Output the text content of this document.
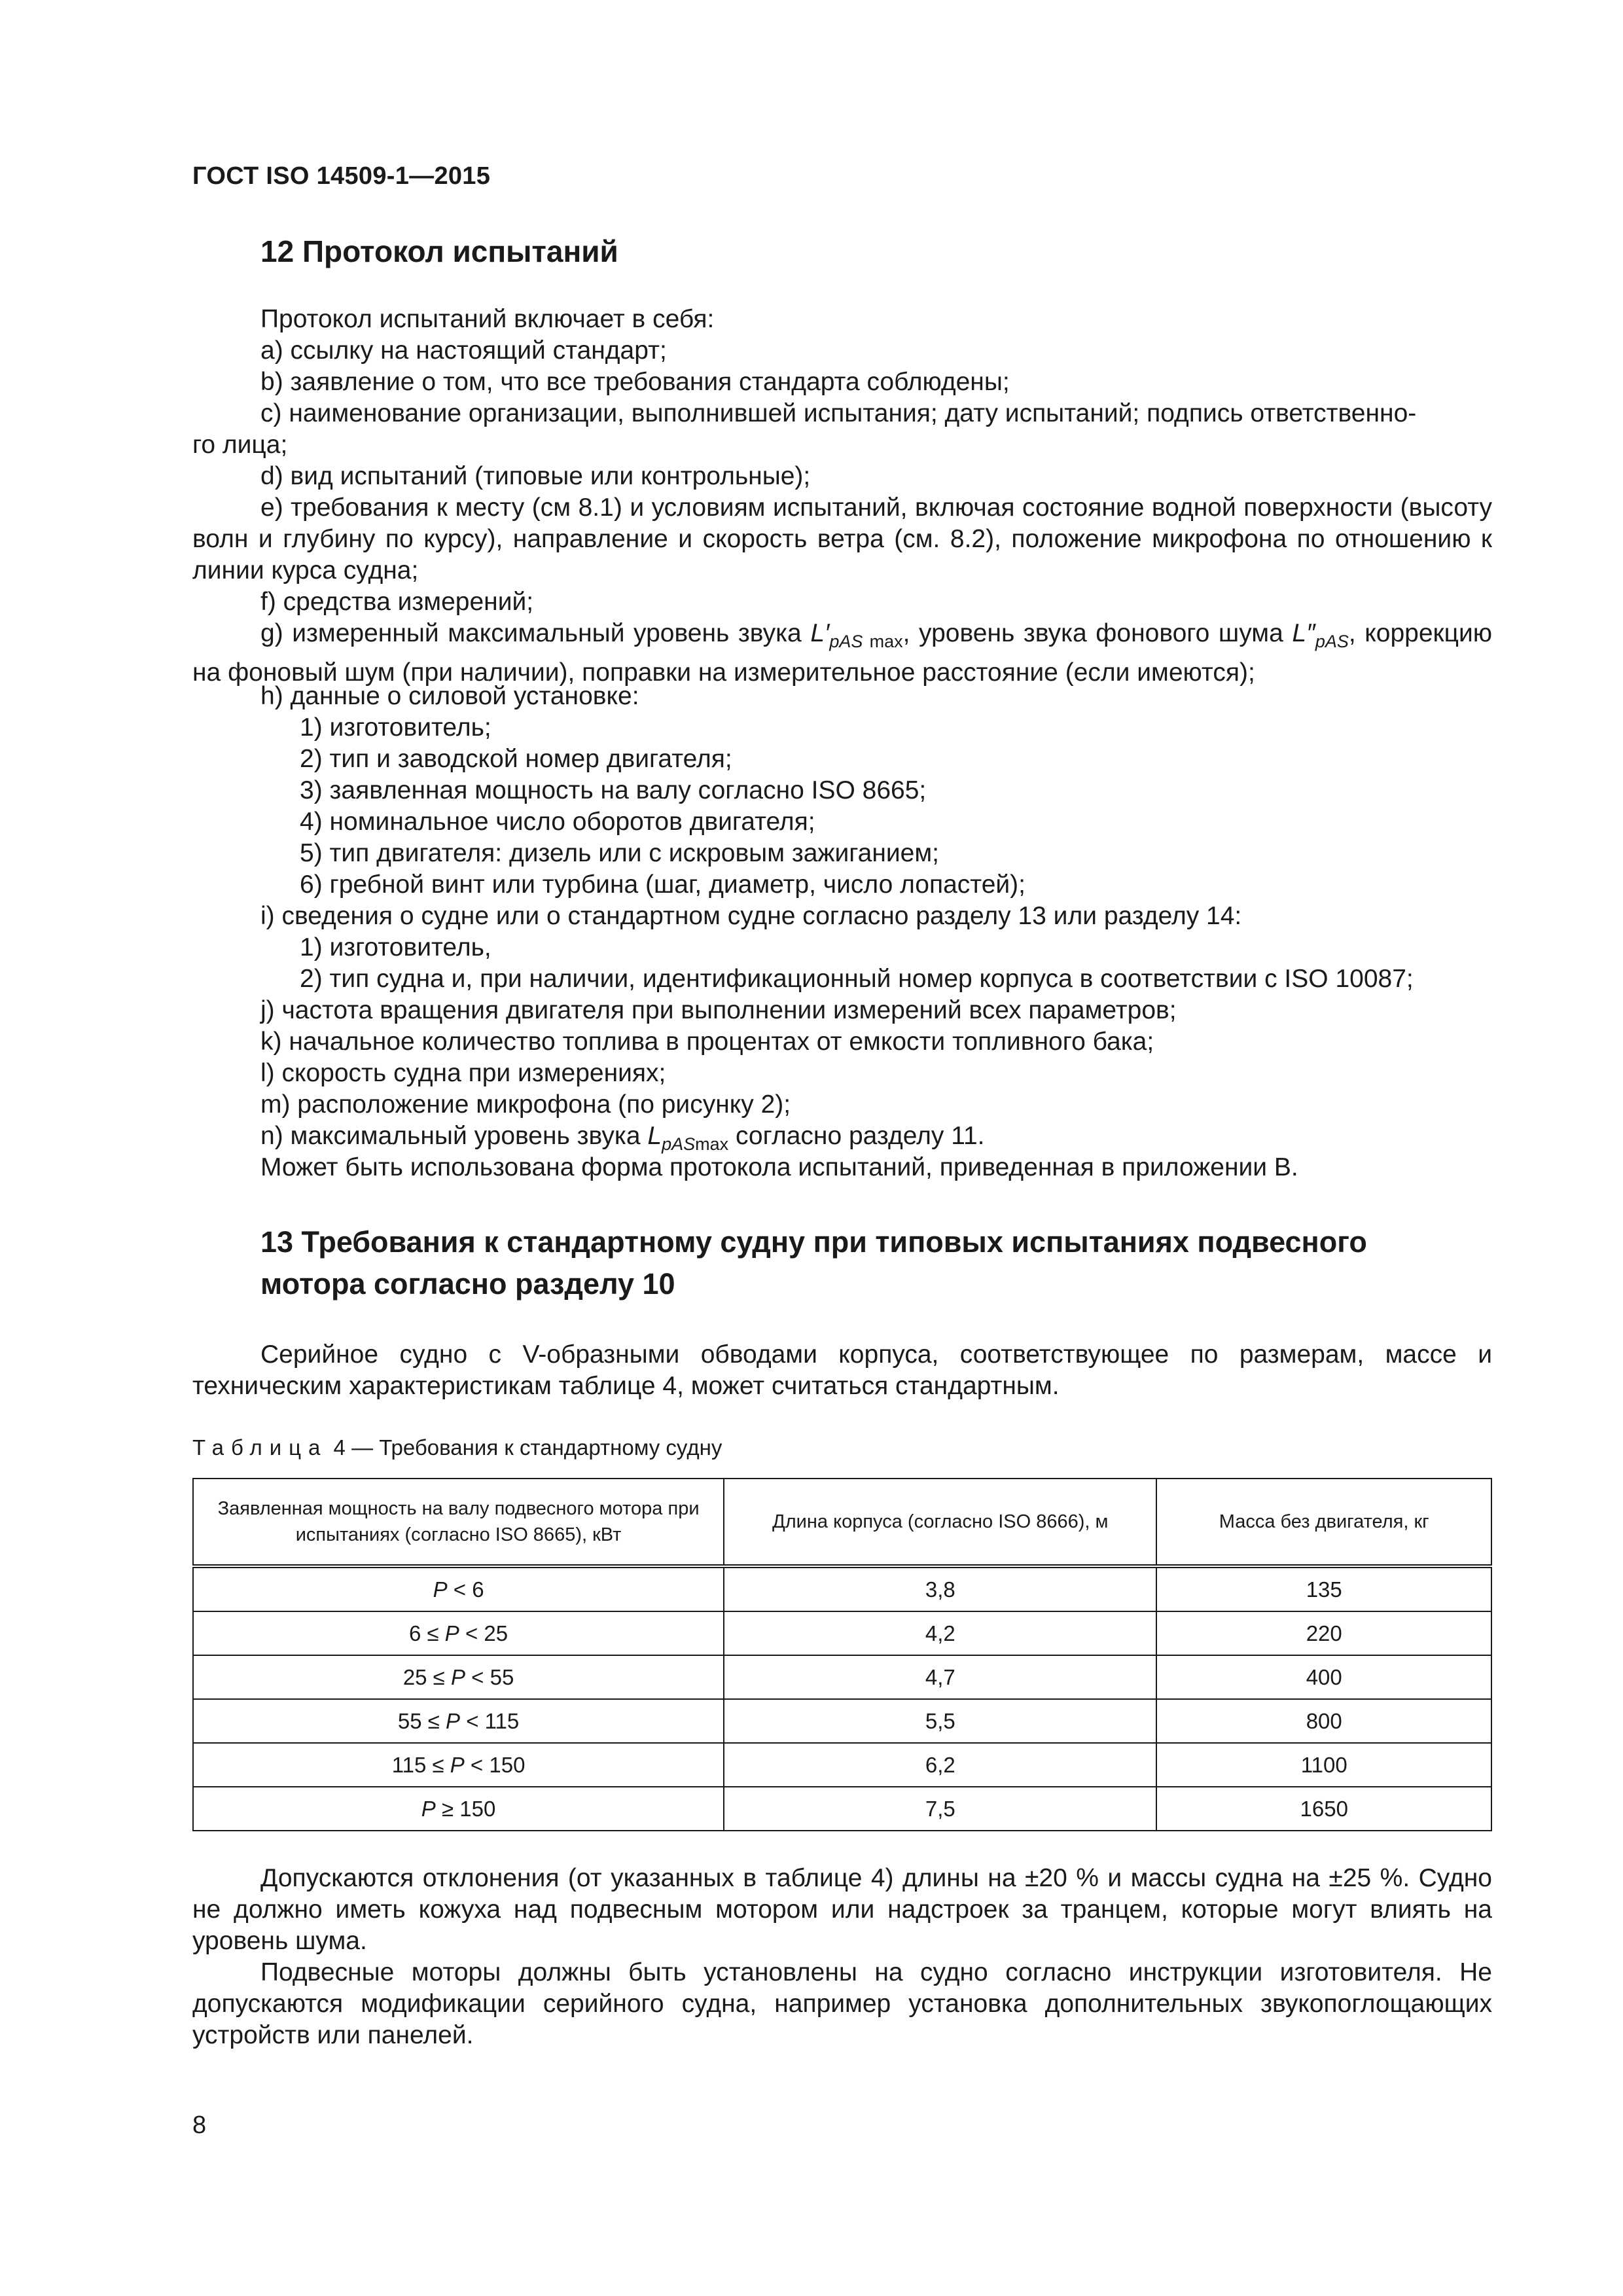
ГОСТ ISO 14509-1—2015
12 Протокол испытаний
Протокол испытаний включает в себя:
a) ссылку на настоящий стандарт;
b) заявление о том, что все требования стандарта соблюдены;
c) наименование организации, выполнившей испытания; дату испытаний; подпись ответственно-
го лица;
d) вид испытаний (типовые или контрольные);

e) требования к месту (см 8.1) и условиям испытаний, включая состояние водной поверхности (высоту волн и глубину по курсу), направление и скорость ветра (см. 8.2), положение микрофона по отношению к линии курса судна;

f) средства измерений;

g) измеренный максимальный уровень звука $L'_{pAS}$ $_{max}$, уровень звука фонового шума $L''_{pAS}$, коррекцию на фоновый шум (при наличии), поправки на измерительное расстояние (если имеются);

h) данные о силовой установке:
1) изготовитель;
2) тип и заводской номер двигателя;
3) заявленная мощность на валу согласно ISO 8665;
4) номинальное число оборотов двигателя;
5) тип двигателя: дизель или с искровым зажиганием;
6) гребной винт или турбина (шаг, диаметр, число лопастей);
i) сведения о судне или о стандартном судне согласно разделу 13 или разделу 14:
1) изготовитель,
2) тип судна и, при наличии, идентификационный номер корпуса в соответствии с ISO 10087;
j) частота вращения двигателя при выполнении измерений всех параметров;
k) начальное количество топлива в процентах от емкости топливного бака;
l) скорость судна при измерениях;
m) расположение микрофона (по рисунку 2);
n) максимальный уровень звука $L_{pASmax}$ согласно разделу 11.
Может быть использована форма протокола испытаний, приведенная в приложении В.
13 Требования к стандартному судну при типовых испытаниях подвесного
мотора согласно разделу 10

Серийное судно с V-образными обводами корпуса, соответствующее по размерам, массе и техническим характеристикам таблице 4, может считаться стандартным.

Таблица 4 — Требования к стандартному судну
Заявленная мощность на валу подвесного мотора при испытаниях (согласно ISO 8665), кВт	Длина корпуса (согласно ISO 8666), м	Масса без двигателя, кг
P < 6	3,8	135
6 ≤ P < 25	4,2	220
25 ≤ P < 55	4,7	400
55 ≤ P < 115	5,5	800
115 ≤ P < 150	6,2	1100
P ≥ 150	7,5	1650

Допускаются отклонения (от указанных в таблице 4) длины на ±20 % и массы судна на ±25 %. Судно не должно иметь кожуха над подвесным мотором или надстроек за транцем, которые могут влиять на уровень шума.

Подвесные моторы должны быть установлены на судно согласно инструкции изготовителя. Не допускаются модификации серийного судна, например установка дополнительных звукопоглощающих устройств или панелей.

8
